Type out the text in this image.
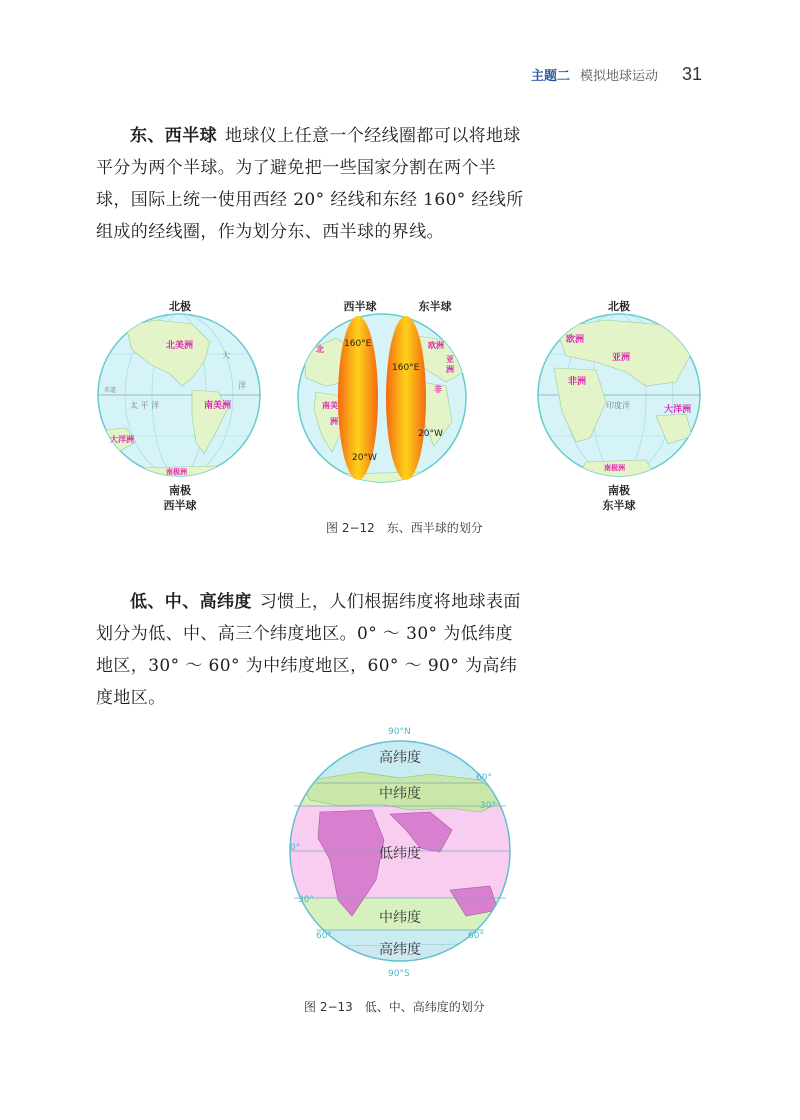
主题二 模拟地球运动 31
东、西半球 地球仪上任意一个经线圈都可以将地球平分为两个半球。为了避免把一些国家分割在两个半球，国际上统一使用西经 20° 经线和东经 160° 经线所组成的经线圈，作为划分东、西半球的界线。
北极
北美洲
南美洲
大洋洲
南极洲
大
洋
太 平 洋
赤道
南极
西半球
西半球	东半球
160°E
160°E
20°W
20°W
北
南美
欧洲
亚
非
洲
洲
北极
欧洲
亚洲
非洲
大洋洲
南极洲
印度洋
南极
东半球
图 2−12　东、西半球的划分
低、中、高纬度 习惯上，人们根据纬度将地球表面划分为低、中、高三个纬度地区。0° ～ 30° 为低纬度地区，30° ～ 60° 为中纬度地区，60° ～ 90° 为高纬度地区。
高纬度
中纬度
低纬度
中纬度
高纬度
90°N
60°
30°
0°
30°
60°	60°
90°S
图 2−13　低、中、高纬度的划分
